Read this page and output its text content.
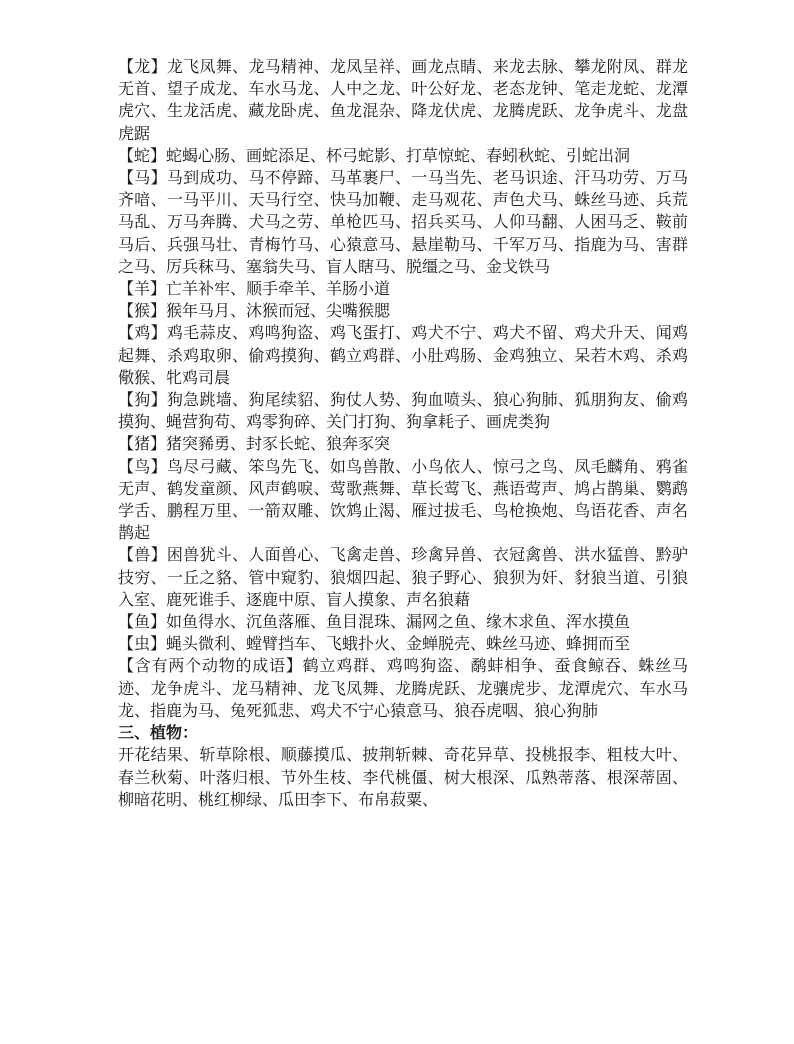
【龙】龙飞凤舞、龙马精神、龙凤呈祥、画龙点睛、来龙去脉、攀龙附凤、群龙无首、望子成龙、车水马龙、人中之龙、叶公好龙、老态龙钟、笔走龙蛇、龙潭虎穴、生龙活虎、藏龙卧虎、鱼龙混杂、降龙伏虎、龙腾虎跃、龙争虎斗、龙盘虎踞

【蛇】蛇蝎心肠、画蛇添足、杯弓蛇影、打草惊蛇、春蚓秋蛇、引蛇出洞

【马】马到成功、马不停蹄、马革裹尸、一马当先、老马识途、汗马功劳、万马齐喑、一马平川、天马行空、快马加鞭、走马观花、声色犬马、蛛丝马迹、兵荒马乱、万马奔腾、犬马之劳、单枪匹马、招兵买马、人仰马翻、人困马乏、鞍前马后、兵强马壮、青梅竹马、心猿意马、悬崖勒马、千军万马、指鹿为马、害群之马、厉兵秣马、塞翁失马、盲人瞎马、脱缰之马、金戈铁马

【羊】亡羊补牢、顺手牵羊、羊肠小道

【猴】猴年马月、沐猴而冠、尖嘴猴腮

【鸡】鸡毛蒜皮、鸡鸣狗盗、鸡飞蛋打、鸡犬不宁、鸡犬不留、鸡犬升天、闻鸡起舞、杀鸡取卵、偷鸡摸狗、鹤立鸡群、小肚鸡肠、金鸡独立、呆若木鸡、杀鸡儆猴、牝鸡司晨

【狗】狗急跳墙、狗尾续貂、狗仗人势、狗血喷头、狼心狗肺、狐朋狗友、偷鸡摸狗、蝇营狗苟、鸡零狗碎、关门打狗、狗拿耗子、画虎类狗

【猪】猪突豨勇、封豕长蛇、狼奔豕突

【鸟】鸟尽弓藏、笨鸟先飞、如鸟兽散、小鸟依人、惊弓之鸟、凤毛麟角、鸦雀无声、鹤发童颜、风声鹤唳、莺歌燕舞、草长莺飞、燕语莺声、鸠占鹊巢、鹦鹉学舌、鹏程万里、一箭双雕、饮鸩止渴、雁过拔毛、鸟枪换炮、鸟语花香、声名鹊起

【兽】困兽犹斗、人面兽心、飞禽走兽、珍禽异兽、衣冠禽兽、洪水猛兽、黔驴技穷、一丘之貉、管中窥豹、狼烟四起、狼子野心、狼狈为奸、豺狼当道、引狼入室、鹿死谁手、逐鹿中原、盲人摸象、声名狼藉

【鱼】如鱼得水、沉鱼落雁、鱼目混珠、漏网之鱼、缘木求鱼、浑水摸鱼

【虫】蝇头微利、螳臂挡车、飞蛾扑火、金蝉脱壳、蛛丝马迹、蜂拥而至

【含有两个动物的成语】鹤立鸡群、鸡鸣狗盗、鹬蚌相争、蚕食鲸吞、蛛丝马迹、龙争虎斗、龙马精神、龙飞凤舞、龙腾虎跃、龙骧虎步、龙潭虎穴、车水马龙、指鹿为马、兔死狐悲、鸡犬不宁心猿意马、狼吞虎咽、狼心狗肺

三、植物：

开花结果、斩草除根、顺藤摸瓜、披荆斩棘、奇花异草、投桃报李、粗枝大叶、春兰秋菊、叶落归根、节外生枝、李代桃僵、树大根深、瓜熟蒂落、根深蒂固、柳暗花明、桃红柳绿、瓜田李下、布帛菽粟、
